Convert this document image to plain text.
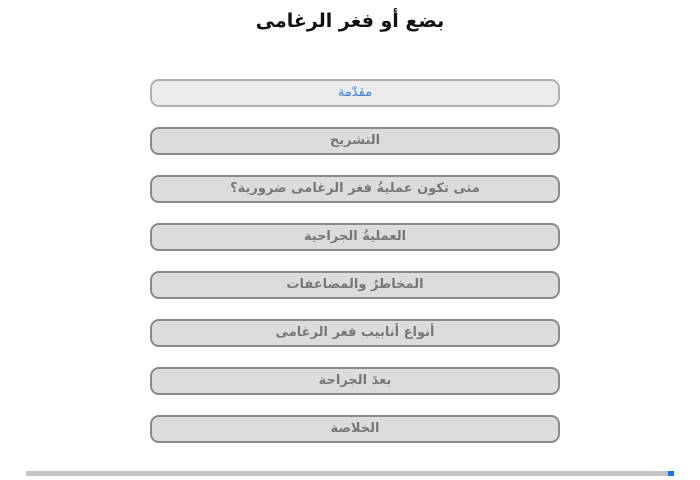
بضع أو فغر الرغامى
مقدّمة
التشريح
متى تكون عمليةُ فغر الرغامى ضرورية؟
العمليةُ الجراحية
المخاطرُ والمضاعفات
أنواع أنابيب فغر الرغامى
بعدَ الجراحة
الخلاصة
